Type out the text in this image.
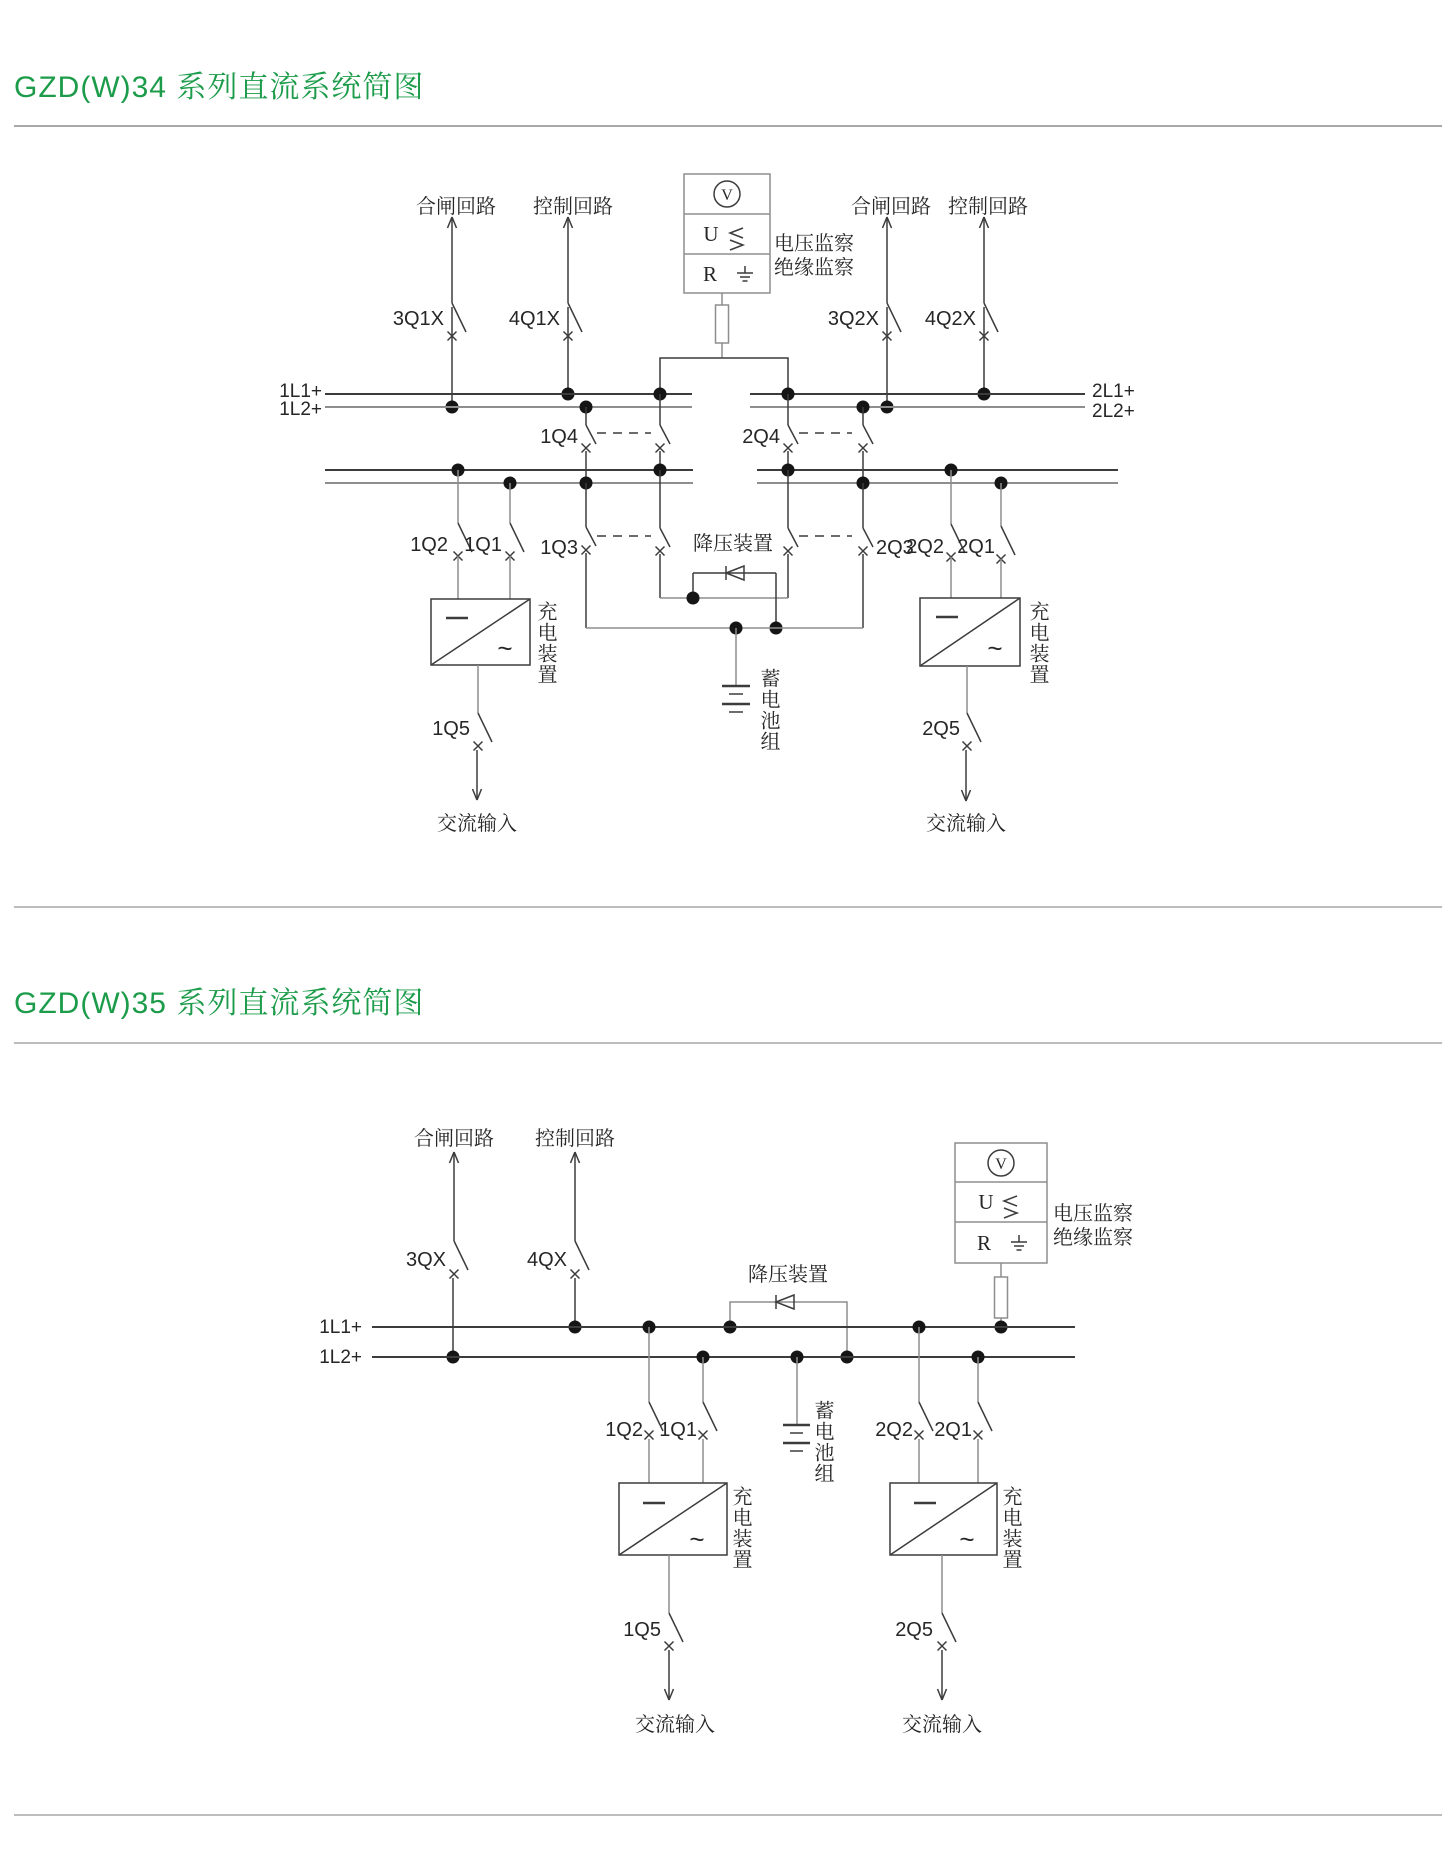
GZD(W)34 系列直流系统简图
合闸回路 控制回路	合闸回路 控制回路
3Q1X	4Q1X	3Q2X 4Q2X
V
U
R
电压监察
绝缘监察
1L1+
1L2+
2L1+
2L2+
1Q4	2Q4
1Q3	2Q3
降压装置
~
1Q2 1Q1
~
2Q2 2Q1
1Q5
交流输入
2Q5
交流输入
充电装置	充电装置
蓄电池组
GZD(W)35 系列直流系统简图
合闸回路 控制回路
3QX	4QX
V
U
R
电压监察
绝缘监察
降压装置
1L1+
1L2+
~
1Q2 1Q1
~
2Q2 2Q1
1Q5
交流输入
2Q5
交流输入
充电装置	充电装置
蓄电池组
